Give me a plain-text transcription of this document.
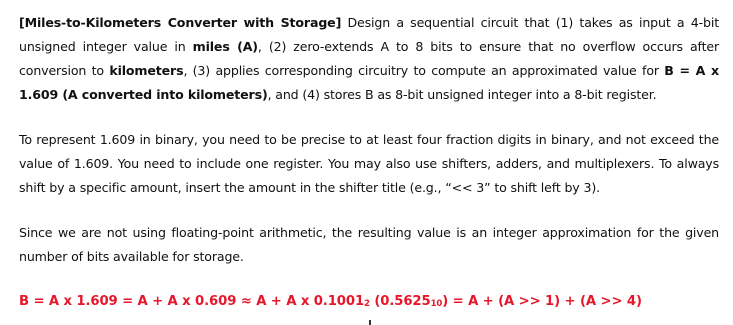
[Miles-to-Kilometers Converter with Storage] Design a sequential circuit that (1) takes as input a 4-bit unsigned integer value in miles (A), (2) zero-extends A to 8 bits to ensure that no overflow occurs after conversion to kilometers, (3) applies corresponding circuitry to compute an approximated value for B = A x 1.609 (A converted into kilometers), and (4) stores B as 8-bit unsigned integer into a 8-bit register.

To represent 1.609 in binary, you need to be precise to at least four fraction digits in binary, and not exceed the value of 1.609. You need to include one register. You may also use shifters, adders, and multiplexers. To always shift by a specific amount, insert the amount in the shifter title (e.g., “<< 3” to shift left by 3).

Since we are not using floating-point arithmetic, the resulting value is an integer approximation for the given number of bits available for storage.

B = A x 1.609 = A + A x 0.609 ≈ A + A x $0.1001_2$ $(0.5625_{10}) = A + (A >> 1) + (A >> 4)$
